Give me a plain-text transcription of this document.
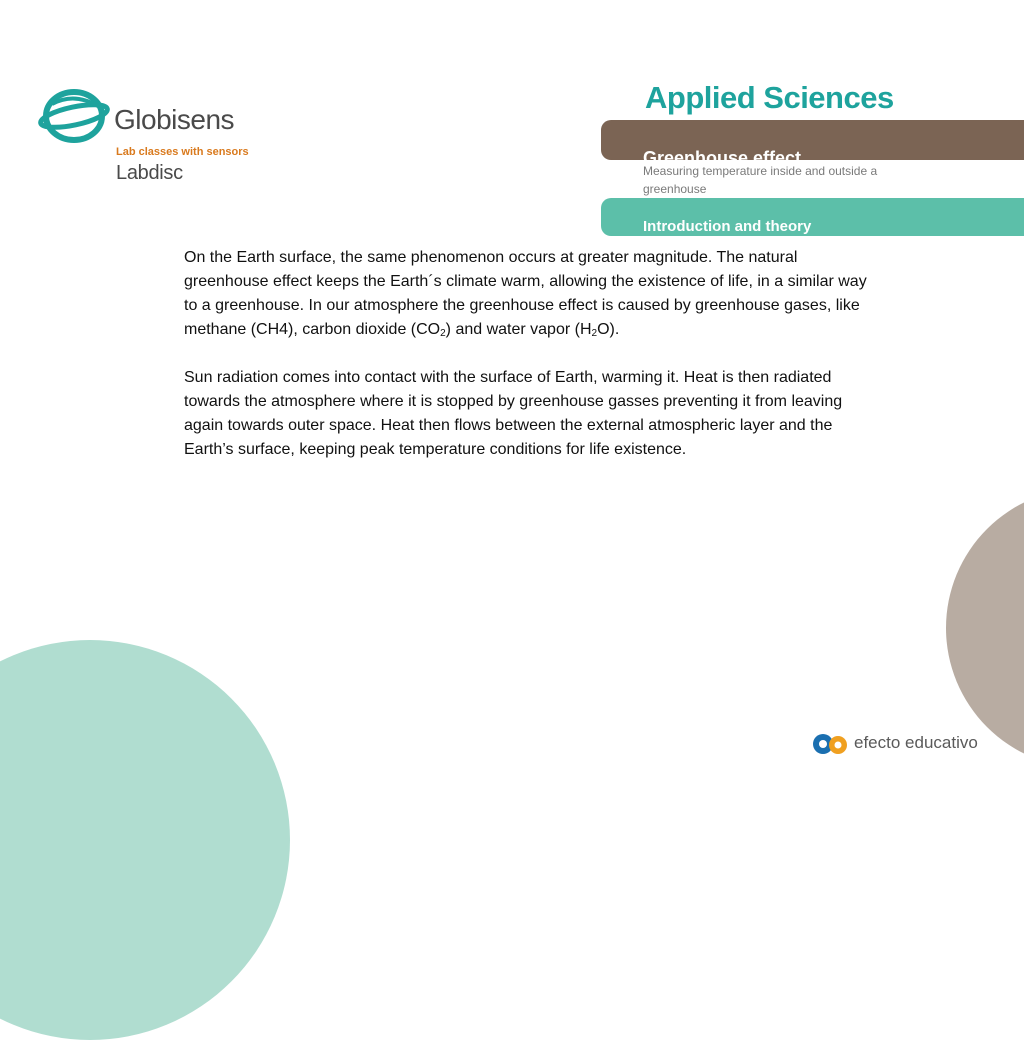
Globisens
Lab classes with sensors
Labdisc
Applied Sciences
Greenhouse effect
Measuring temperature inside and outside a greenhouse
Introduction and theory

On the Earth surface, the same phenomenon occurs at greater magnitude. The natural greenhouse effect keeps the Earth´s climate warm, allowing the existence of life, in a similar way to a greenhouse. In our atmosphere the greenhouse effect is caused by greenhouse gases, like methane (CH4), carbon dioxide $(CO_2)$ and water vapor $(H_2O)$.

Sun radiation comes into contact with the surface of Earth, warming it. Heat is then radiated towards the atmosphere where it is stopped by greenhouse gasses preventing it from leaving again towards outer space. Heat then flows between the external atmospheric layer and the Earth’s surface, keeping peak temperature conditions for life existence.

efecto educativo
